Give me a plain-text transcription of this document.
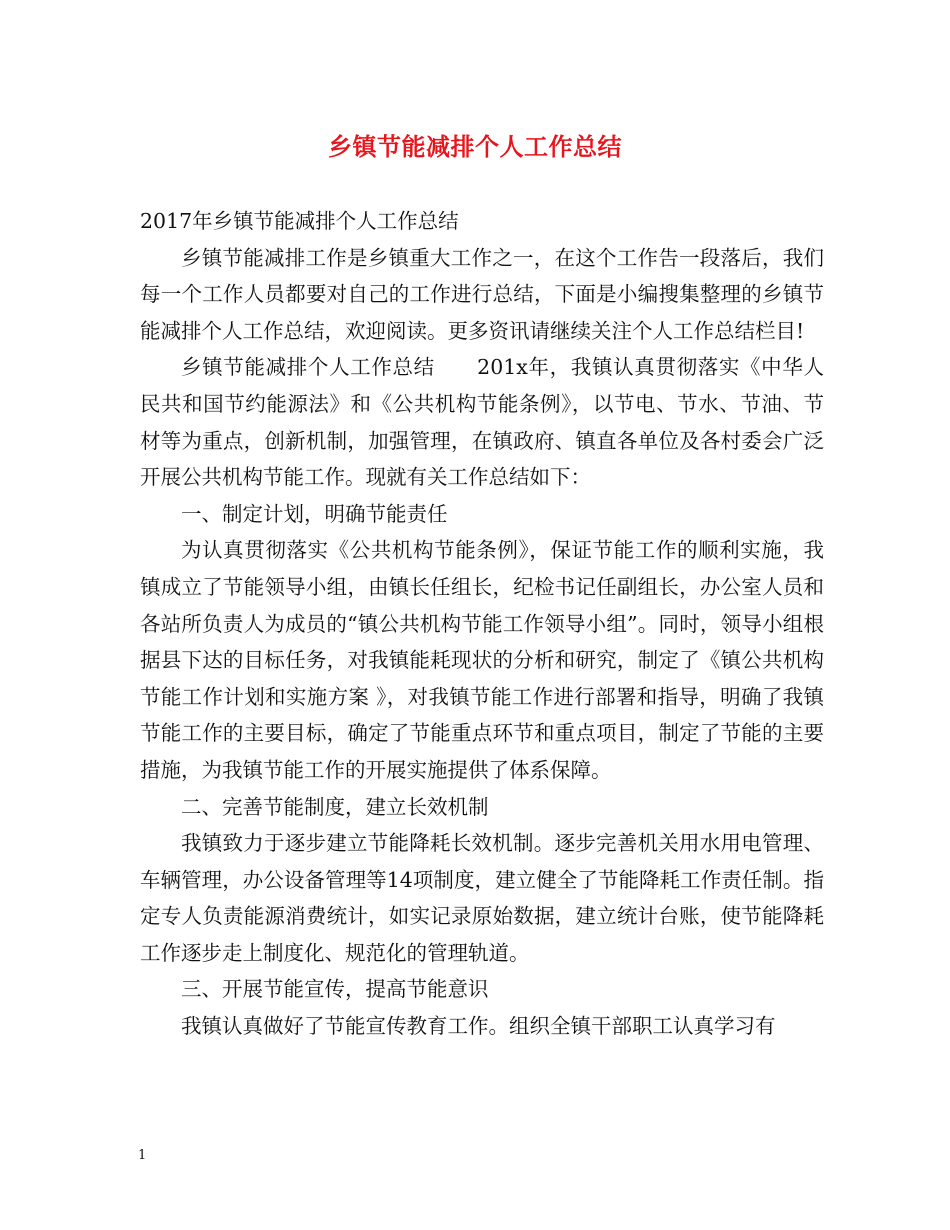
乡镇节能减排个人工作总结

2017年乡镇节能减排个人工作总结

乡镇节能减排工作是乡镇重大工作之一，在这个工作告一段落后，我们每一个工作人员都要对自己的工作进行总结，下面是小编搜集整理的乡镇节能减排个人工作总结，欢迎阅读。更多资讯请继续关注个人工作总结栏目!

乡镇节能减排个人工作总结　　201x年，我镇认真贯彻落实《中华人民共和国节约能源法》和《公共机构节能条例》，以节电、节水、节油、节材等为重点，创新机制，加强管理，在镇政府、镇直各单位及各村委会广泛开展公共机构节能工作。现就有关工作总结如下：

一、制定计划，明确节能责任

为认真贯彻落实《公共机构节能条例》，保证节能工作的顺利实施，我镇成立了节能领导小组，由镇长任组长，纪检书记任副组长，办公室人员和各站所负责人为成员的“镇公共机构节能工作领导小组”。同时，领导小组根据县下达的目标任务，对我镇能耗现状的分析和研究，制定了《镇公共机构节能工作计划和实施方案 》，对我镇节能工作进行部署和指导，明确了我镇节能工作的主要目标，确定了节能重点环节和重点项目，制定了节能的主要措施，为我镇节能工作的开展实施提供了体系保障。

二、完善节能制度，建立长效机制

我镇致力于逐步建立节能降耗长效机制。逐步完善机关用水用电管理、车辆管理，办公设备管理等14项制度，建立健全了节能降耗工作责任制。指定专人负责能源消费统计，如实记录原始数据，建立统计台账，使节能降耗工作逐步走上制度化、规范化的管理轨道。

三、开展节能宣传，提高节能意识

我镇认真做好了节能宣传教育工作。组织全镇干部职工认真学习有

1
